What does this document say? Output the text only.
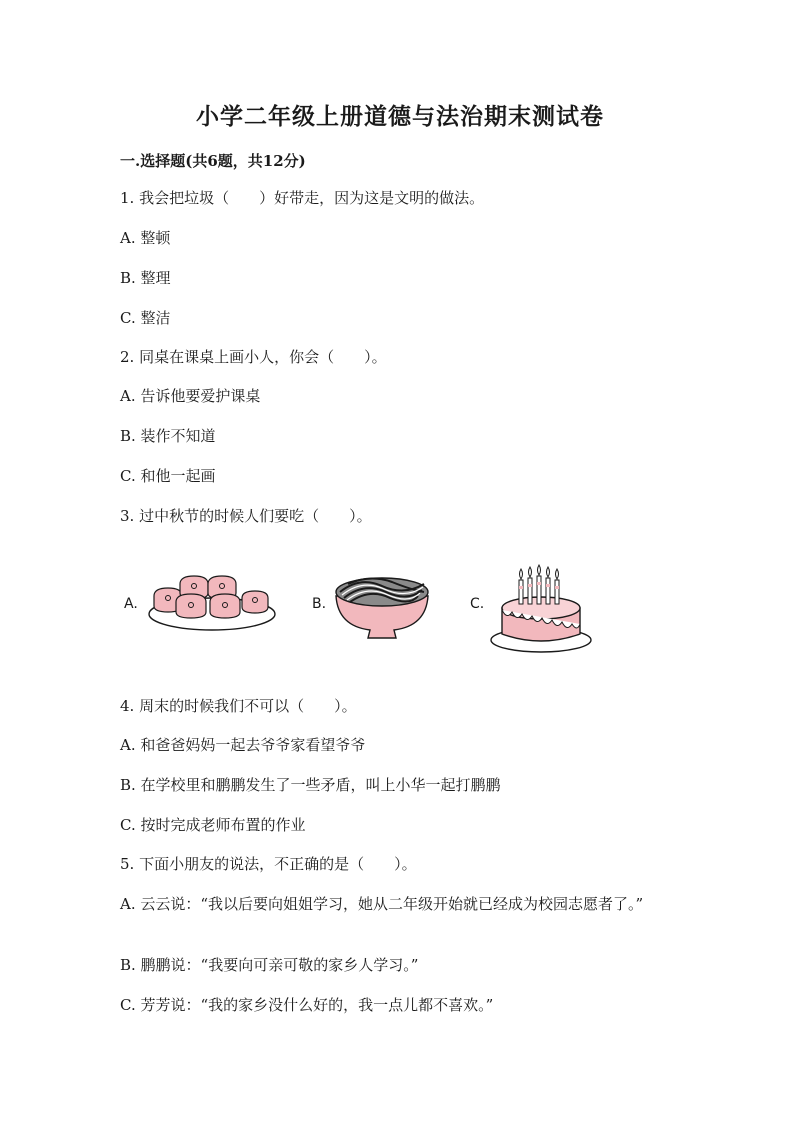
小学二年级上册道德与法治期末测试卷
一.选择题(共6题，共12分)
1. 我会把垃圾（　　）好带走，因为这是文明的做法。
A. 整顿
B. 整理
C. 整洁
2. 同桌在课桌上画小人，你会（　　）。
A. 告诉他要爱护课桌
B. 装作不知道
C. 和他一起画
3. 过中秋节的时候人们要吃（　　）。
A.	B.	C.
4. 周末的时候我们不可以（　　）。
A. 和爸爸妈妈一起去爷爷家看望爷爷
B. 在学校里和鹏鹏发生了一些矛盾，叫上小华一起打鹏鹏
C. 按时完成老师布置的作业
5. 下面小朋友的说法，不正确的是（　　）。
A. 云云说：“我以后要向姐姐学习，她从二年级开始就已经成为校园志愿者了。”
B. 鹏鹏说：“我要向可亲可敬的家乡人学习。”
C. 芳芳说：“我的家乡没什么好的，我一点儿都不喜欢。”
